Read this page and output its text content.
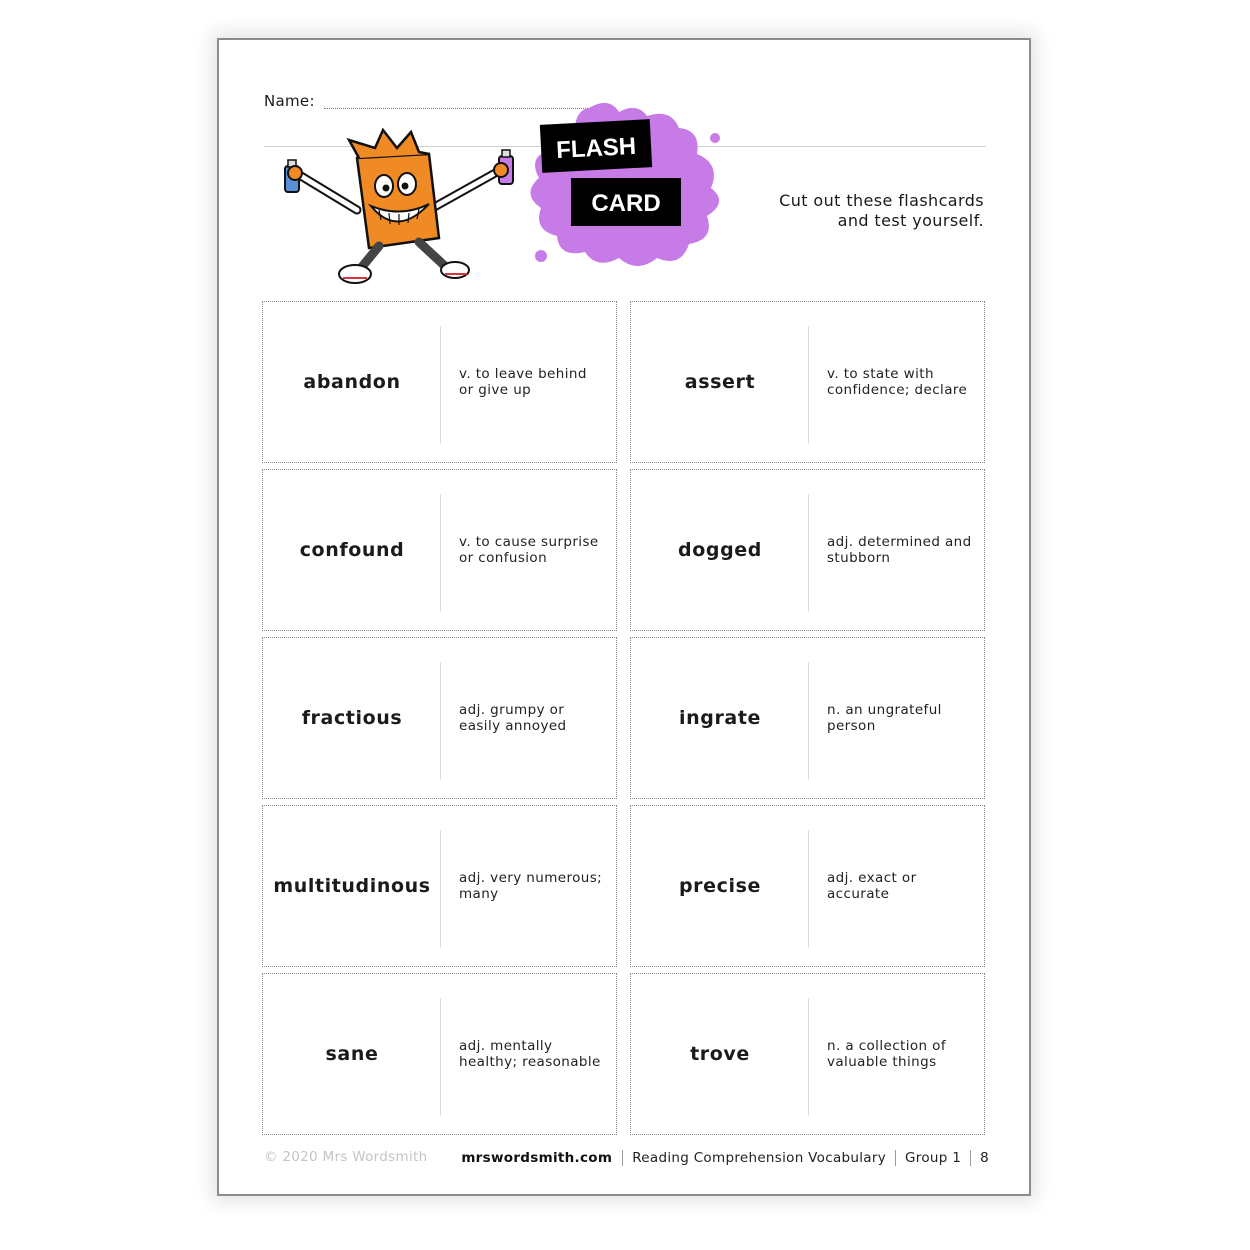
Name:
FLASH
CARD	Cut out these flashcards
and test yourself.
abandon	v. to leave behind or give up	assert	v. to state with confidence; declare
confound	v. to cause surprise or confusion	dogged	adj. determined and stubborn
fractious	adj. grumpy or easily annoyed	ingrate	n. an ungrateful person
multitudinous	adj. very numerous; many	precise	adj. exact or accurate
sane	adj. mentally healthy; reasonable	trove	n. a collection of valuable things
© 2020 Mrs Wordsmith	mrswordsmith.com	Reading Comprehension Vocabulary	Group 1	8
